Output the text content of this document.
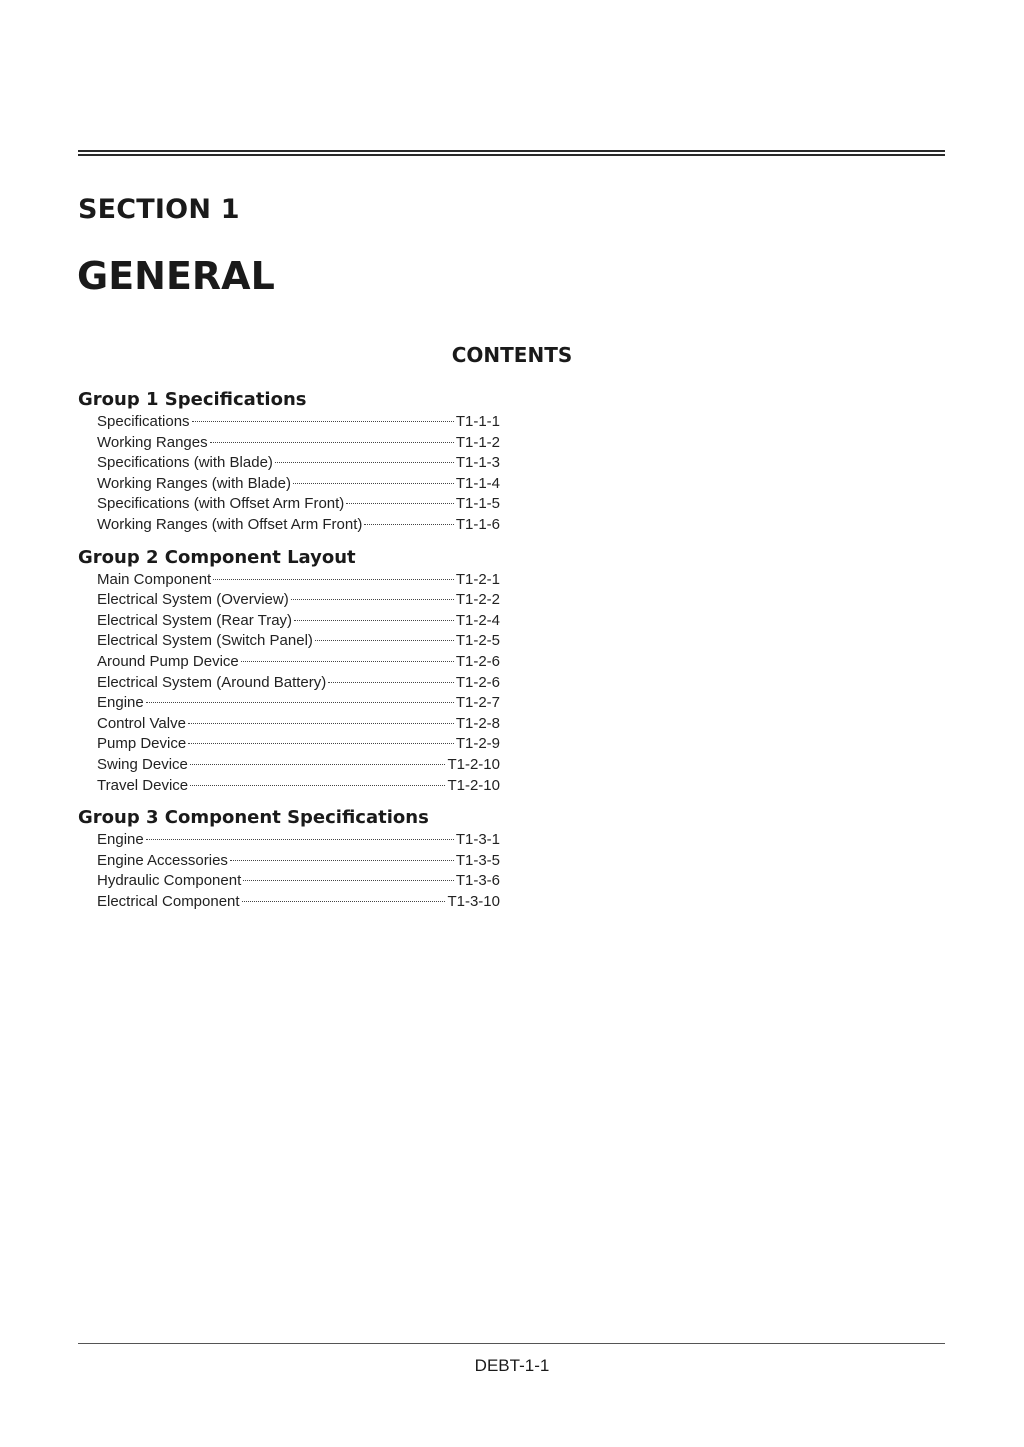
SECTION 1
GENERAL
CONTENTS
Group 1 Specifications
Specifications	T1-1-1
Working Ranges	T1-1-2
Specifications (with Blade)	T1-1-3
Working Ranges (with Blade)	T1-1-4
Specifications (with Offset Arm Front)	T1-1-5
Working Ranges (with Offset Arm Front)	T1-1-6
Group 2 Component Layout
Main Component	T1-2-1
Electrical System (Overview)	T1-2-2
Electrical System (Rear Tray)	T1-2-4
Electrical System (Switch Panel)	T1-2-5
Around Pump Device	T1-2-6
Electrical System (Around Battery)	T1-2-6
Engine	T1-2-7
Control Valve	T1-2-8
Pump Device	T1-2-9
Swing Device	T1-2-10
Travel Device	T1-2-10
Group 3 Component Specifications
Engine	T1-3-1
Engine Accessories	T1-3-5
Hydraulic Component	T1-3-6
Electrical Component	T1-3-10
DEBT-1-1
